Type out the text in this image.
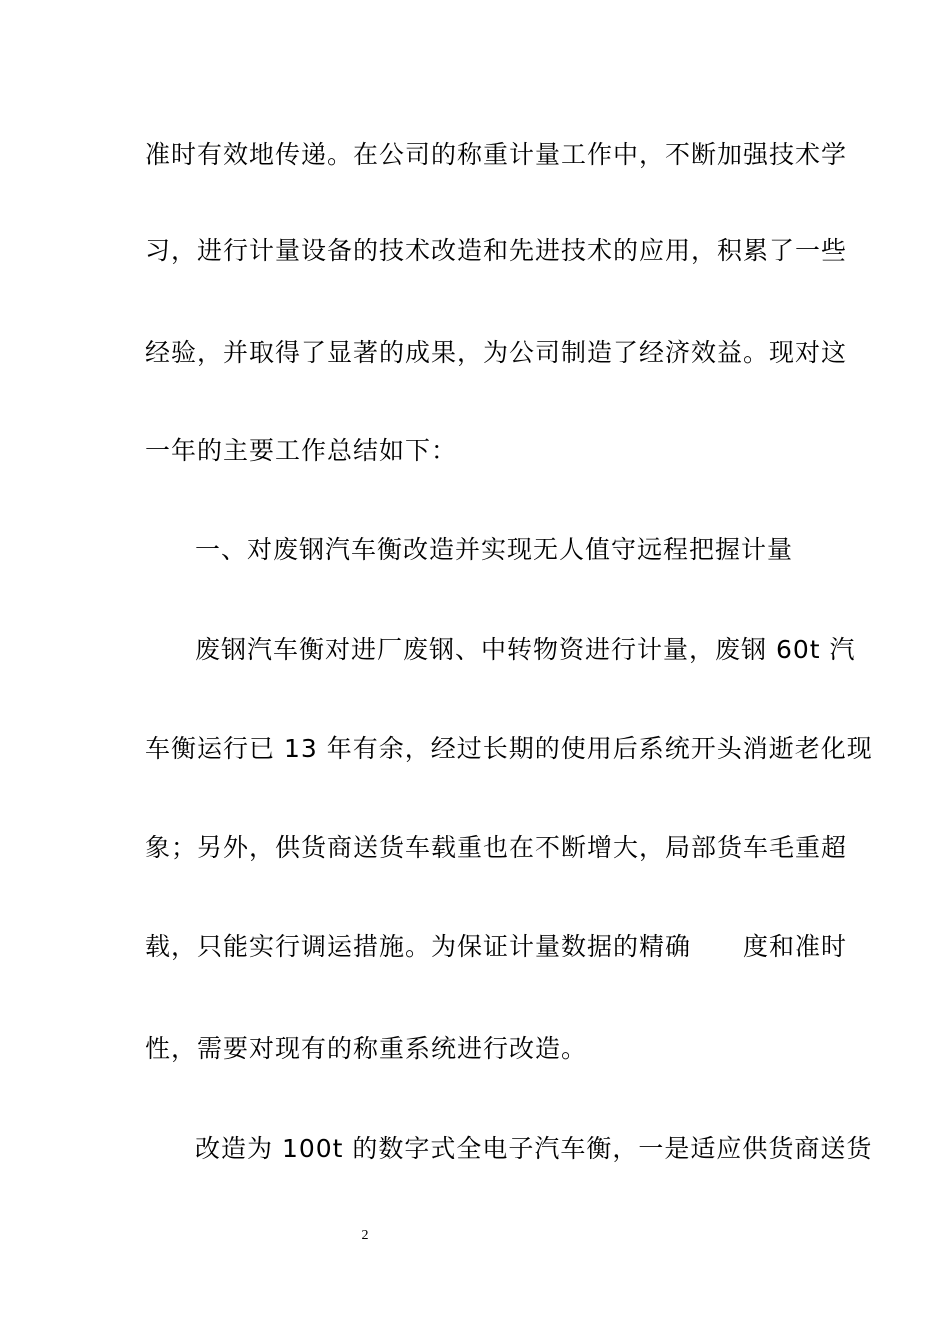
准时有效地传递。在公司的称重计量工作中，不断加强技术学
习，进行计量设备的技术改造和先进技术的应用，积累了一些
经验，并取得了显著的成果，为公司制造了经济效益。现对这
一年的主要工作总结如下：
一、对废钢汽车衡改造并实现无人值守远程把握计量
废钢汽车衡对进厂废钢、中转物资进行计量，废钢 60t 汽
车衡运行已 13 年有余，经过长期的使用后系统开头消逝老化现
象；另外，供货商送货车载重也在不断增大，局部货车毛重超
载，只能实行调运措施。为保证计量数据的精确 度和准时
性，需要对现有的称重系统进行改造。
改造为 100t 的数字式全电子汽车衡，一是适应供货商送货
2
